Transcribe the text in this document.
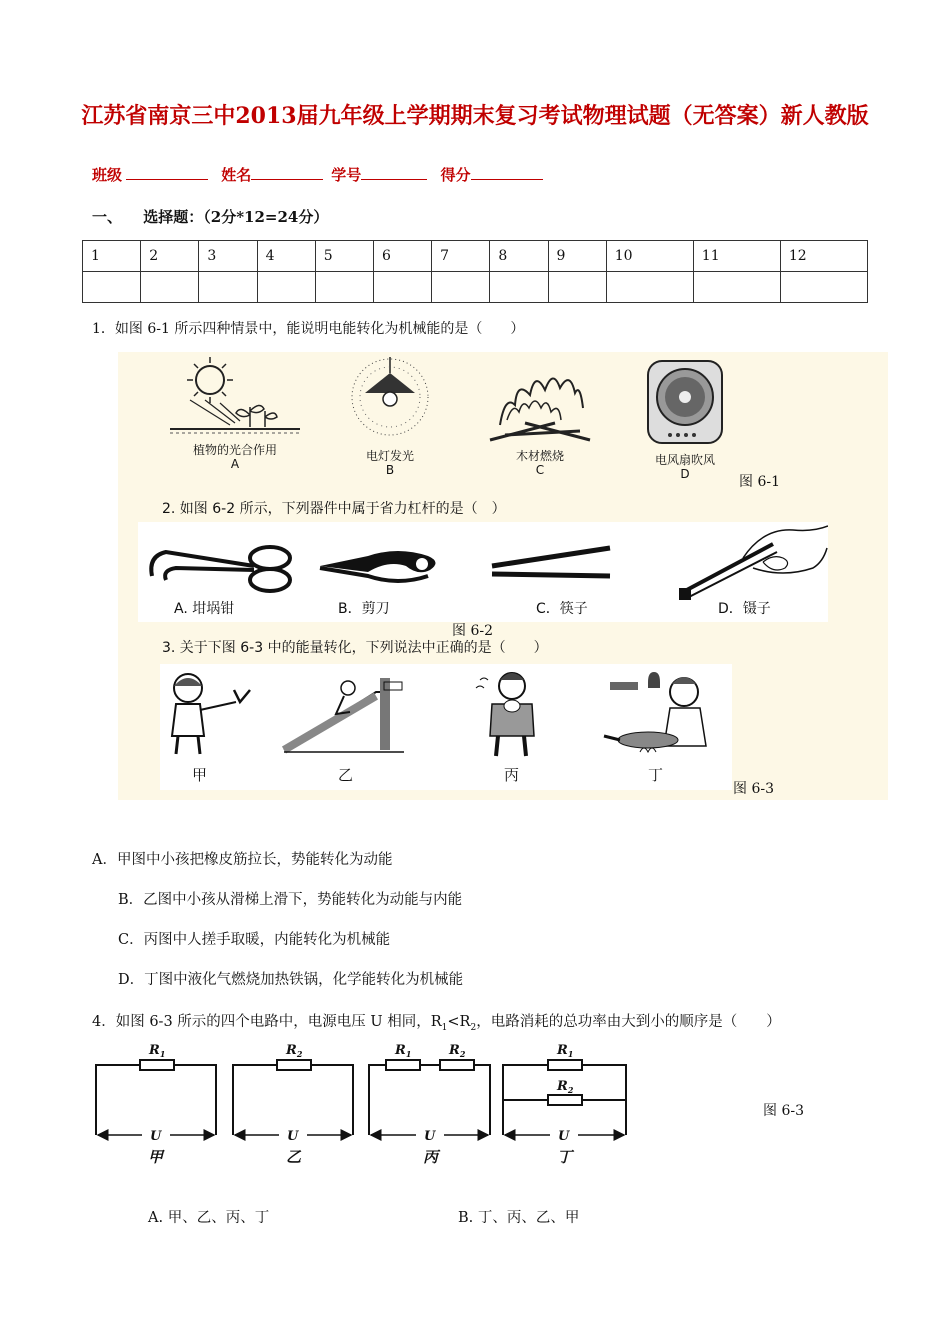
江苏省南京三中2013届九年级上学期期末复习考试物理试题（无答案）新人教版
班级	姓名	学号	得分
一、 选择题：（2分*12=24分）
1	2	3	4	5	6	7	8	9	10	11	12

1．如图 6-1 所示四种情景中，能说明电能转化为机械能的是（　　）
植物的光合作用
A
电灯发光
B
木材燃烧
C
电风扇吹风
D	图 6-1
2. 如图 6-2 所示，下列器件中属于省力杠杆的是（　）
A. 坩埚钳	B．剪刀	C．筷子	D．镊子
图 6-2
3. 关于下图 6-3 中的能量转化，下列说法中正确的是（　　）
甲	乙	丙	丁
图 6-3
A．甲图中小孩把橡皮筋拉长，势能转化为动能
B．乙图中小孩从滑梯上滑下，势能转化为动能与内能
C．丙图中人搓手取暖，内能转化为机械能
D．丁图中液化气燃烧加热铁锅，化学能转化为机械能
4．如图 6-3 所示的四个电路中，电源电压 U 相同，$R_1<R_2$，电路消耗的总功率由大到小的顺序是（　　）
$R_1$	$R_2$	$R_1$	$R_2$	$R_1$
$R_2$
U	U	U	U
甲	乙	丙	丁
图 6-3
A. 甲、乙、丙、丁	B. 丁、丙、乙、甲
